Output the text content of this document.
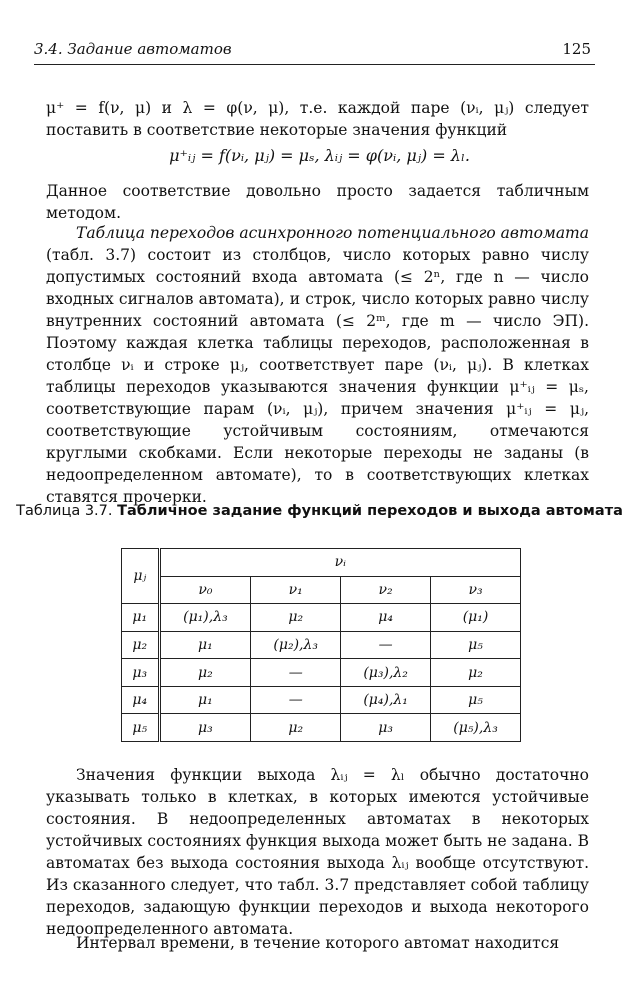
3.4. Задание автоматов	125
μ⁺ = f(ν, μ) и λ = φ(ν, μ), т.е. каждой паре (νᵢ, μⱼ) следует поставить в соответствие некоторые значения функций
μ⁺ᵢⱼ = f(νᵢ, μⱼ) = μₛ, λᵢⱼ = φ(νᵢ, μⱼ) = λₗ.
Данное соответствие довольно просто задается табличным методом.
Таблица переходов асинхронного потенциального автомата (табл. 3.7) состоит из столбцов, число которых равно числу допустимых состояний входа автомата (≤ 2ⁿ, где n — число входных сигналов автомата), и строк, число которых равно числу внутренних состояний автомата (≤ 2ᵐ, где m — число ЭП). Поэтому каждая клетка таблицы переходов, расположенная в столбце νᵢ и строке μⱼ, соответствует паре (νᵢ, μⱼ). В клетках таблицы переходов указываются значения функции μ⁺ᵢⱼ = μₛ, соответствующие парам (νᵢ, μⱼ), причем значения μ⁺ᵢⱼ = μⱼ, соответствующие устойчивым состояниям, отмечаются круглыми скобками. Если некоторые переходы не заданы (в недоопределенном автомате), то в соответствующих клетках ставятся прочерки.
Таблица 3.7. Табличное задание функций переходов и выхода автомата
μⱼ	νᵢ			
	ν₀	ν₁	ν₂	ν₃
μ₁	(μ₁),λ₃	μ₂	μ₄	(μ₁)
μ₂	μ₁	(μ₂),λ₃	—	μ₅
μ₃	μ₂	—	(μ₃),λ₂	μ₂
μ₄	μ₁	—	(μ₄),λ₁	μ₅
μ₅	μ₃	μ₂	μ₃	(μ₅),λ₃
Значения функции выхода λᵢⱼ = λₗ обычно достаточно указывать только в клетках, в которых имеются устойчивые состояния. В недоопределенных автоматах в некоторых устойчивых состояниях функция выхода может быть не задана. В автоматах без выхода состояния выхода λᵢⱼ вообще отсутствуют. Из сказанного следует, что табл. 3.7 представляет собой таблицу переходов, задающую функции переходов и выхода некоторого недоопределенного автомата.
Интервал времени, в течение которого автомат находится
